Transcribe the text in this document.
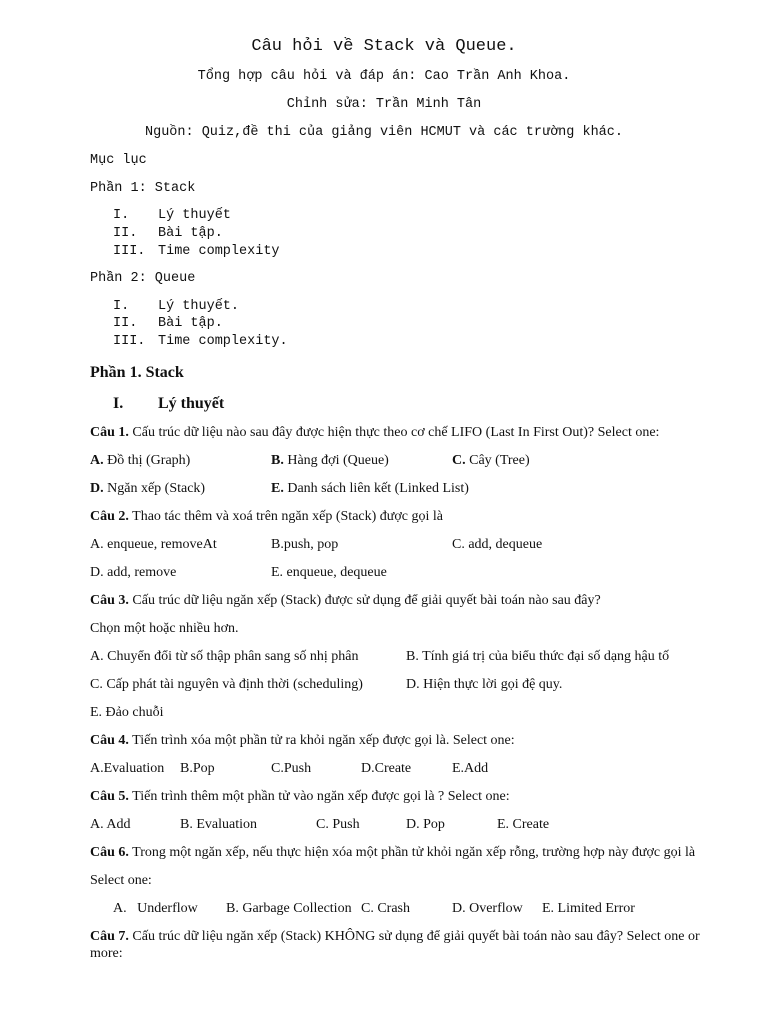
Câu hỏi về Stack và Queue.
Tổng hợp câu hỏi và đáp án: Cao Trần Anh Khoa.
Chỉnh sửa: Trần Minh Tân
Nguồn: Quiz,đề thi của giảng viên HCMUT và các trường khác.
Mục lục
Phần 1: Stack
I. Lý thuyết
II. Bài tập.
III. Time complexity
Phần 2: Queue
I. Lý thuyết.
II. Bài tập.
III. Time complexity.
Phần 1. Stack
I. Lý thuyết
Câu 1. Cấu trúc dữ liệu nào sau đây được hiện thực theo cơ chế LIFO (Last In First Out)? Select one:
A. Đồ thị (Graph)	B. Hàng đợi (Queue)	C. Cây (Tree)
D. Ngăn xếp (Stack)	E. Danh sách liên kết (Linked List)
Câu 2. Thao tác thêm và xoá trên ngăn xếp (Stack) được gọi là
A. enqueue, removeAt	B.push, pop	C. add, dequeue
D. add, remove	E. enqueue, dequeue
Câu 3. Cấu trúc dữ liệu ngăn xếp (Stack) được sử dụng để giải quyết bài toán nào sau đây?
Chọn một hoặc nhiều hơn.
A. Chuyển đổi từ số thập phân sang số nhị phân	B. Tính giá trị của biểu thức đại số dạng hậu tố
C. Cấp phát tài nguyên và định thời (scheduling)	D. Hiện thực lời gọi đệ quy.
E. Đảo chuỗi
Câu 4. Tiến trình xóa một phần tử ra khỏi ngăn xếp được gọi là. Select one:
A.Evaluation B.Pop	C.Push	D.Create	E.Add
Câu 5. Tiến trình thêm một phần tử vào ngăn xếp được gọi là ? Select one:
A. Add	B. Evaluation	C. Push	D. Pop	E. Create
Câu 6. Trong một ngăn xếp, nếu thực hiện xóa một phần tử khỏi ngăn xếp rỗng, trường hợp này được gọi là
Select one:
A.   Underflow B. Garbage Collection C. Crash	D. Overflow E. Limited Error
Câu 7. Cấu trúc dữ liệu ngăn xếp (Stack) KHÔNG sử dụng để giải quyết bài toán nào sau đây? Select one or
more:
